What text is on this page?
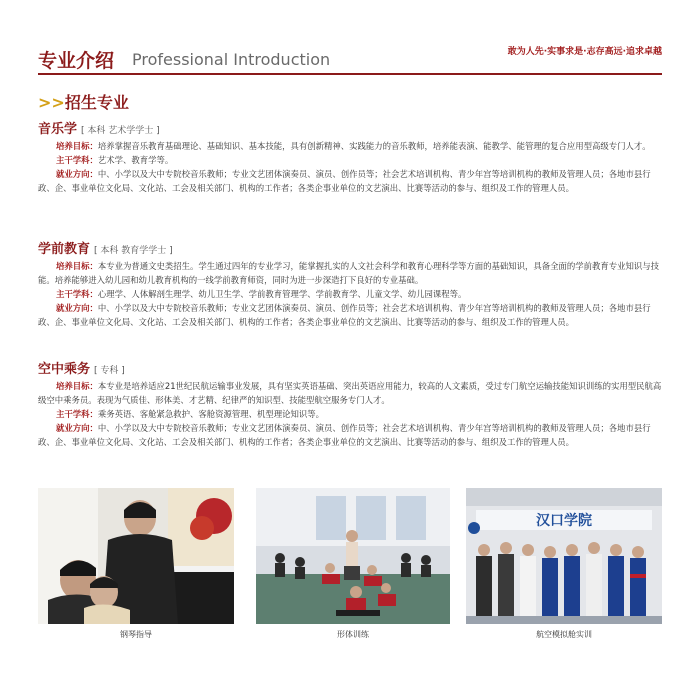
专业介绍 Professional Introduction	敢为人先·实事求是·志存高远·追求卓越
>>招生专业
音乐学 [ 本科 艺术学学士 ]

培养目标：培养掌握音乐教育基础理论、基础知识、基本技能，具有创新精神、实践能力的音乐教师，培养能表演、能教学、能管理的复合应用型高级专门人才。

主干学科：艺术学、教育学等。

就业方向：中、小学以及大中专院校音乐教师；专业文艺团体演奏员、演员、创作员等；社会艺术培训机构、青少年宫等培训机构的教师及管理人员；各地市县行政、企、事业单位文化局、文化站、工会及相关部门、机构的工作者；各类企事业单位的文艺演出、比赛等活动的参与、组织及工作的管理人员。

学前教育 [ 本科 教育学学士 ]

培养目标：本专业为普通文史类招生。学生通过四年的专业学习，能掌握扎实的人文社会科学和教育心理科学等方面的基础知识，具备全面的学前教育专业知识与技能。培养能够进入幼儿园和幼儿教育机构的一线学前教育师资，同时为进一步深造打下良好的专业基础。

主干学科：心理学、人体解剖生理学、幼儿卫生学、学前教育管理学、学前教育学、儿童文学、幼儿园课程等。

就业方向：中、小学以及大中专院校音乐教师；专业文艺团体演奏员、演员、创作员等；社会艺术培训机构、青少年宫等培训机构的教师及管理人员；各地市县行政、企、事业单位文化局、文化站、工会及相关部门、机构的工作者；各类企事业单位的文艺演出、比赛等活动的参与、组织及工作的管理人员。

空中乘务 [ 专科 ]

培养目标：本专业是培养适应21世纪民航运输事业发展，具有坚实英语基础、突出英语应用能力，较高的人文素质，受过专门航空运输技能知识训练的实用型民航高级空中乘务员。表现为气质佳、形体美、才艺精、纪律严的知识型、技能型航空服务专门人才。

主干学科：乘务英语、客舱紧急救护、客舱资源管理、机型理论知识等。

就业方向：中、小学以及大中专院校音乐教师；专业文艺团体演奏员、演员、创作员等；社会艺术培训机构、青少年宫等培训机构的教师及管理人员；各地市县行政、企、事业单位文化局、文化站、工会及相关部门、机构的工作者；各类企事业单位的文艺演出、比赛等活动的参与、组织及工作的管理人员。

钢琴指导	形体训练
汉口学院
航空模拟舱实训
